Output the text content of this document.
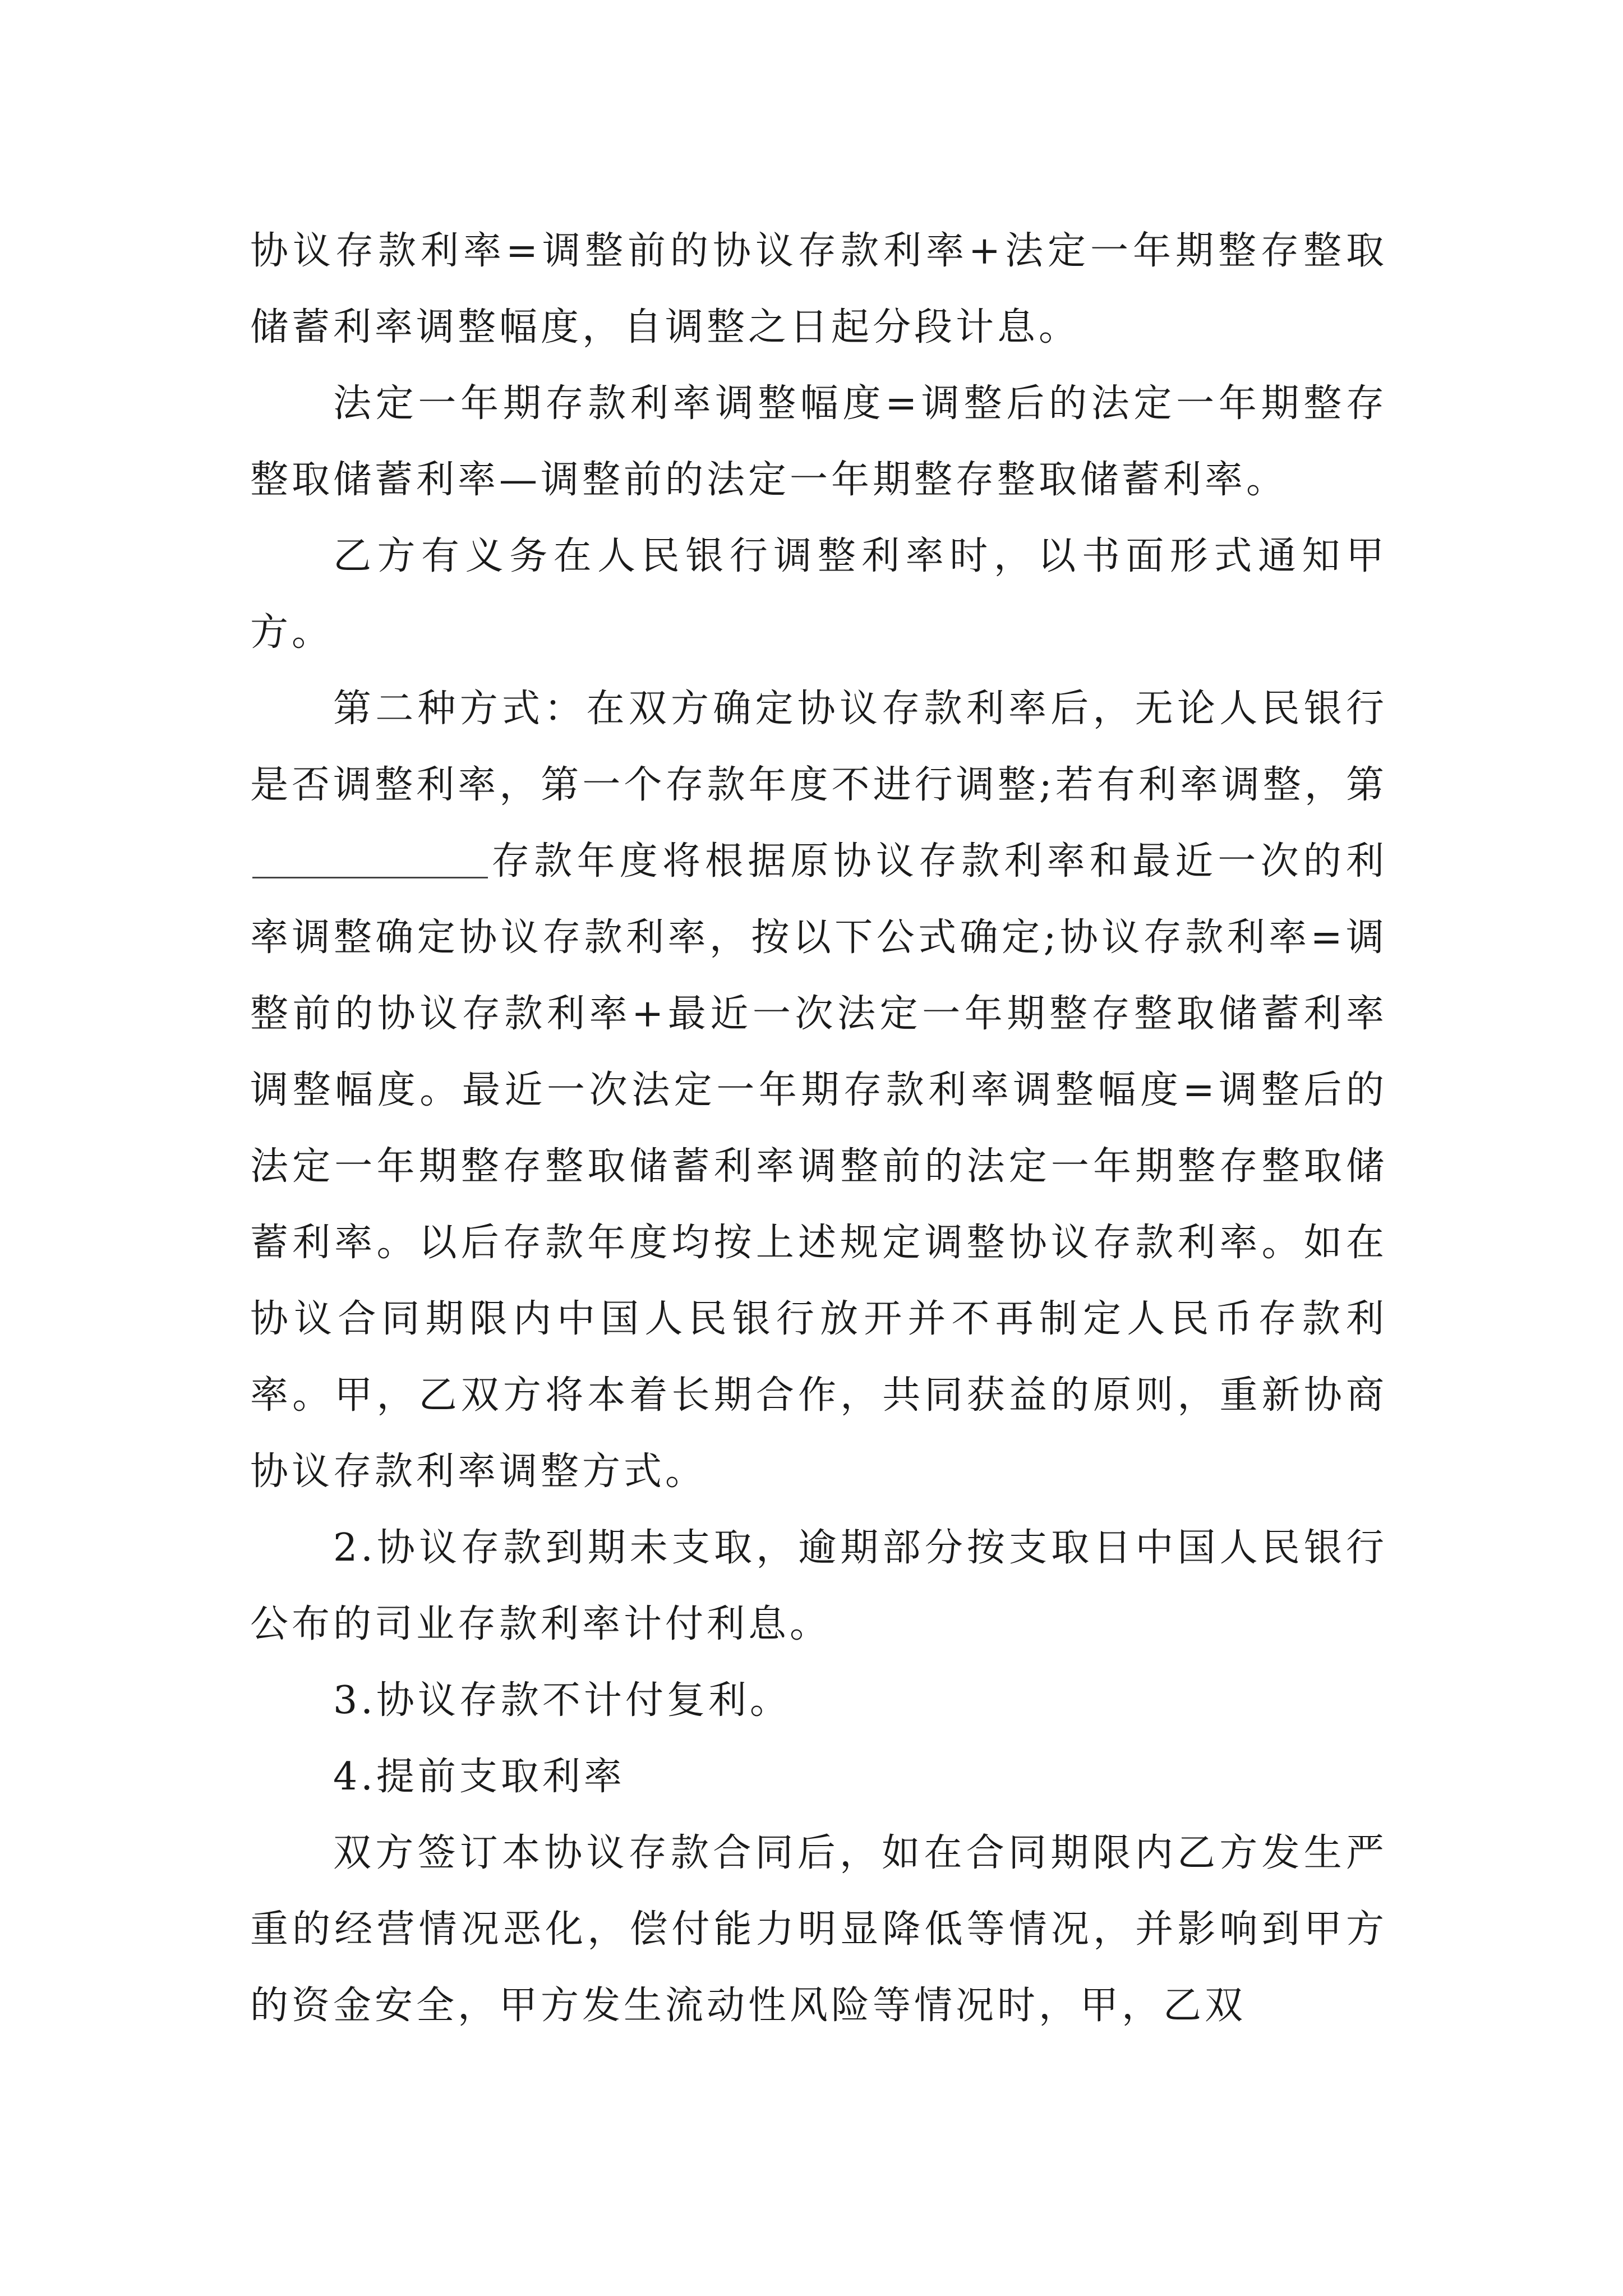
协议存款利率=调整前的协议存款利率+法定一年期整存整取储蓄利率调整幅度，自调整之日起分段计息。

法定一年期存款利率调整幅度=调整后的法定一年期整存整取储蓄利率—调整前的法定一年期整存整取储蓄利率。

乙方有义务在人民银行调整利率时，以书面形式通知甲方。

第二种方式：在双方确定协议存款利率后，无论人民银行是否调整利率，第一个存款年度不进行调整;若有利率调整，第存款年度将根据原协议存款利率和最近一次的利率调整确定协议存款利率，按以下公式确定;协议存款利率=调整前的协议存款利率+最近一次法定一年期整存整取储蓄利率调整幅度。最近一次法定一年期存款利率调整幅度=调整后的法定一年期整存整取储蓄利率调整前的法定一年期整存整取储蓄利率。以后存款年度均按上述规定调整协议存款利率。如在协议合同期限内中国人民银行放开并不再制定人民币存款利率。甲，乙双方将本着长期合作，共同获益的原则，重新协商协议存款利率调整方式。

2.协议存款到期未支取，逾期部分按支取日中国人民银行公布的司业存款利率计付利息。

3.协议存款不计付复利。

4.提前支取利率

双方签订本协议存款合同后，如在合同期限内乙方发生严重的经营情况恶化，偿付能力明显降低等情况，并影响到甲方的资金安全，甲方发生流动性风险等情况时，甲，乙双
